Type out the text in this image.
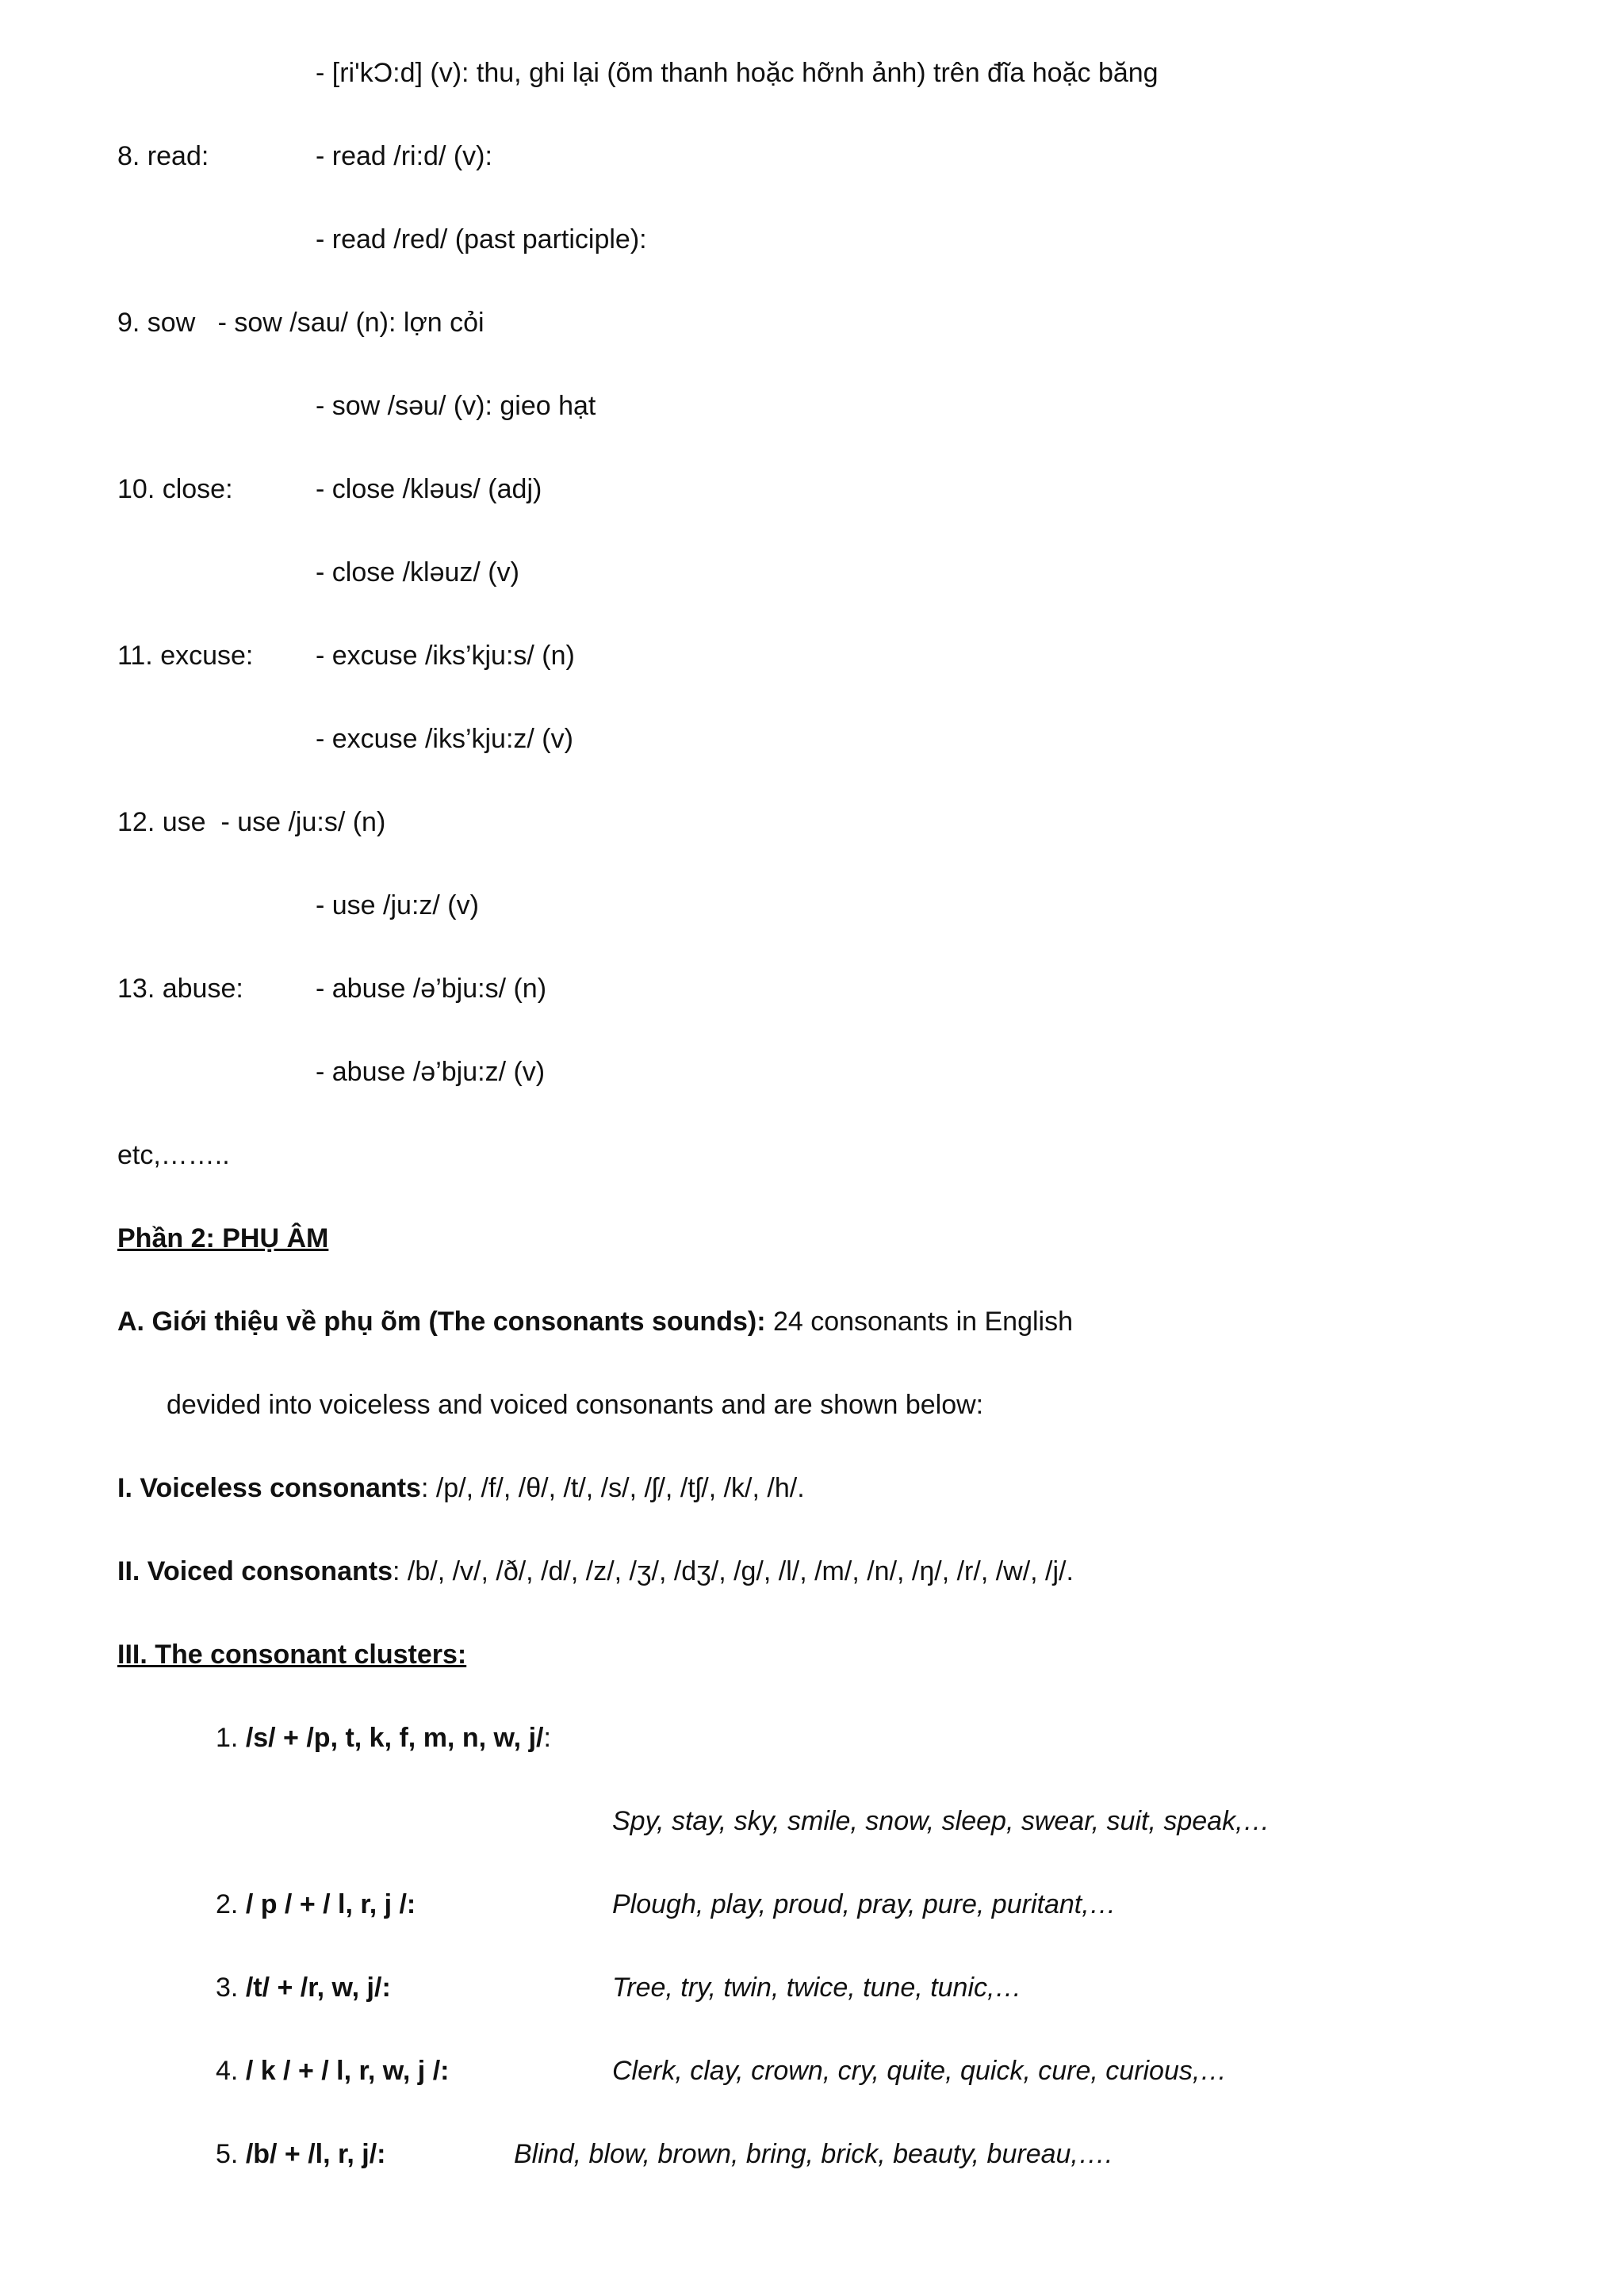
- [ri'kƆ:d] (v): thu, ghi lại (õm thanh hoặc hỡnh ảnh) trên đĩa hoặc băng
8. read:	- read /ri:d/ (v):
- read /red/ (past participle):
9. sow - sow /sau/ (n): lợn cỏi
- sow /səu/ (v): gieo hạt
10. close:	- close /kləus/ (adj)
- close /kləuz/ (v)
11. excuse: - excuse /iks’kju:s/ (n)
- excuse /iks’kju:z/ (v)
12. use - use /ju:s/ (n)
- use /ju:z/ (v)
13. abuse:	- abuse /ə’bju:s/ (n)
- abuse /ə’bju:z/ (v)
etc,……..
Phần 2: PHỤ ÂM
A. Giới thiệu về phụ õm (The consonants sounds): 24 consonants in English
devided into voiceless and voiced consonants and are shown below:
I. Voiceless consonants: /p/, /f/, /θ/, /t/, /s/, /ʃ/, /tʃ/, /k/, /h/.
II. Voiced consonants: /b/, /v/, /ð/, /d/, /z/, /ʒ/, /dʒ/, /g/, /l/, /m/, /n/, /ŋ/, /r/, /w/, /j/.
III. The consonant clusters:
1. /s/ + /p, t, k, f, m, n, w, j/:
Spy, stay, sky, smile, snow, sleep, swear, suit, speak,…
2. / p / + / l, r, j /:	Plough, play, proud, pray, pure, puritant,…
3. /t/ + /r, w, j/:	Tree, try, twin, twice, tune, tunic,…
4. / k / + / l, r, w, j /:	Clerk, clay, crown, cry, quite, quick, cure, curious,…
5. /b/ + /l, r, j/:	Blind, blow, brown, bring, brick, beauty, bureau,….
